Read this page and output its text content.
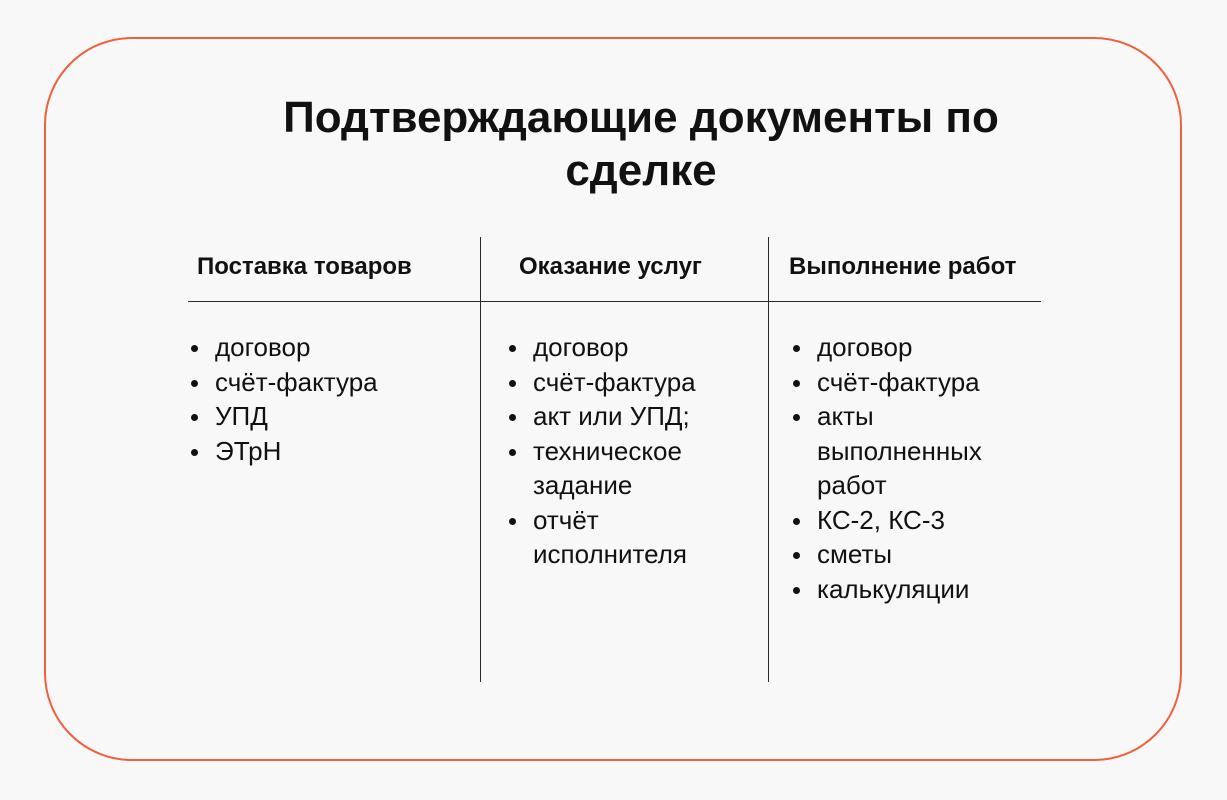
Подтверждающие документы по
сделке
Поставка товаров	Оказание услуг	Выполнение работ
договор
счёт-фактура
УПД
ЭТрН
договор
счёт-фактура
акт или УПД;
техническое задание
отчёт исполнителя
договор
счёт-фактура
акты выполненных работ
КС-2, КС-3
сметы
калькуляции
